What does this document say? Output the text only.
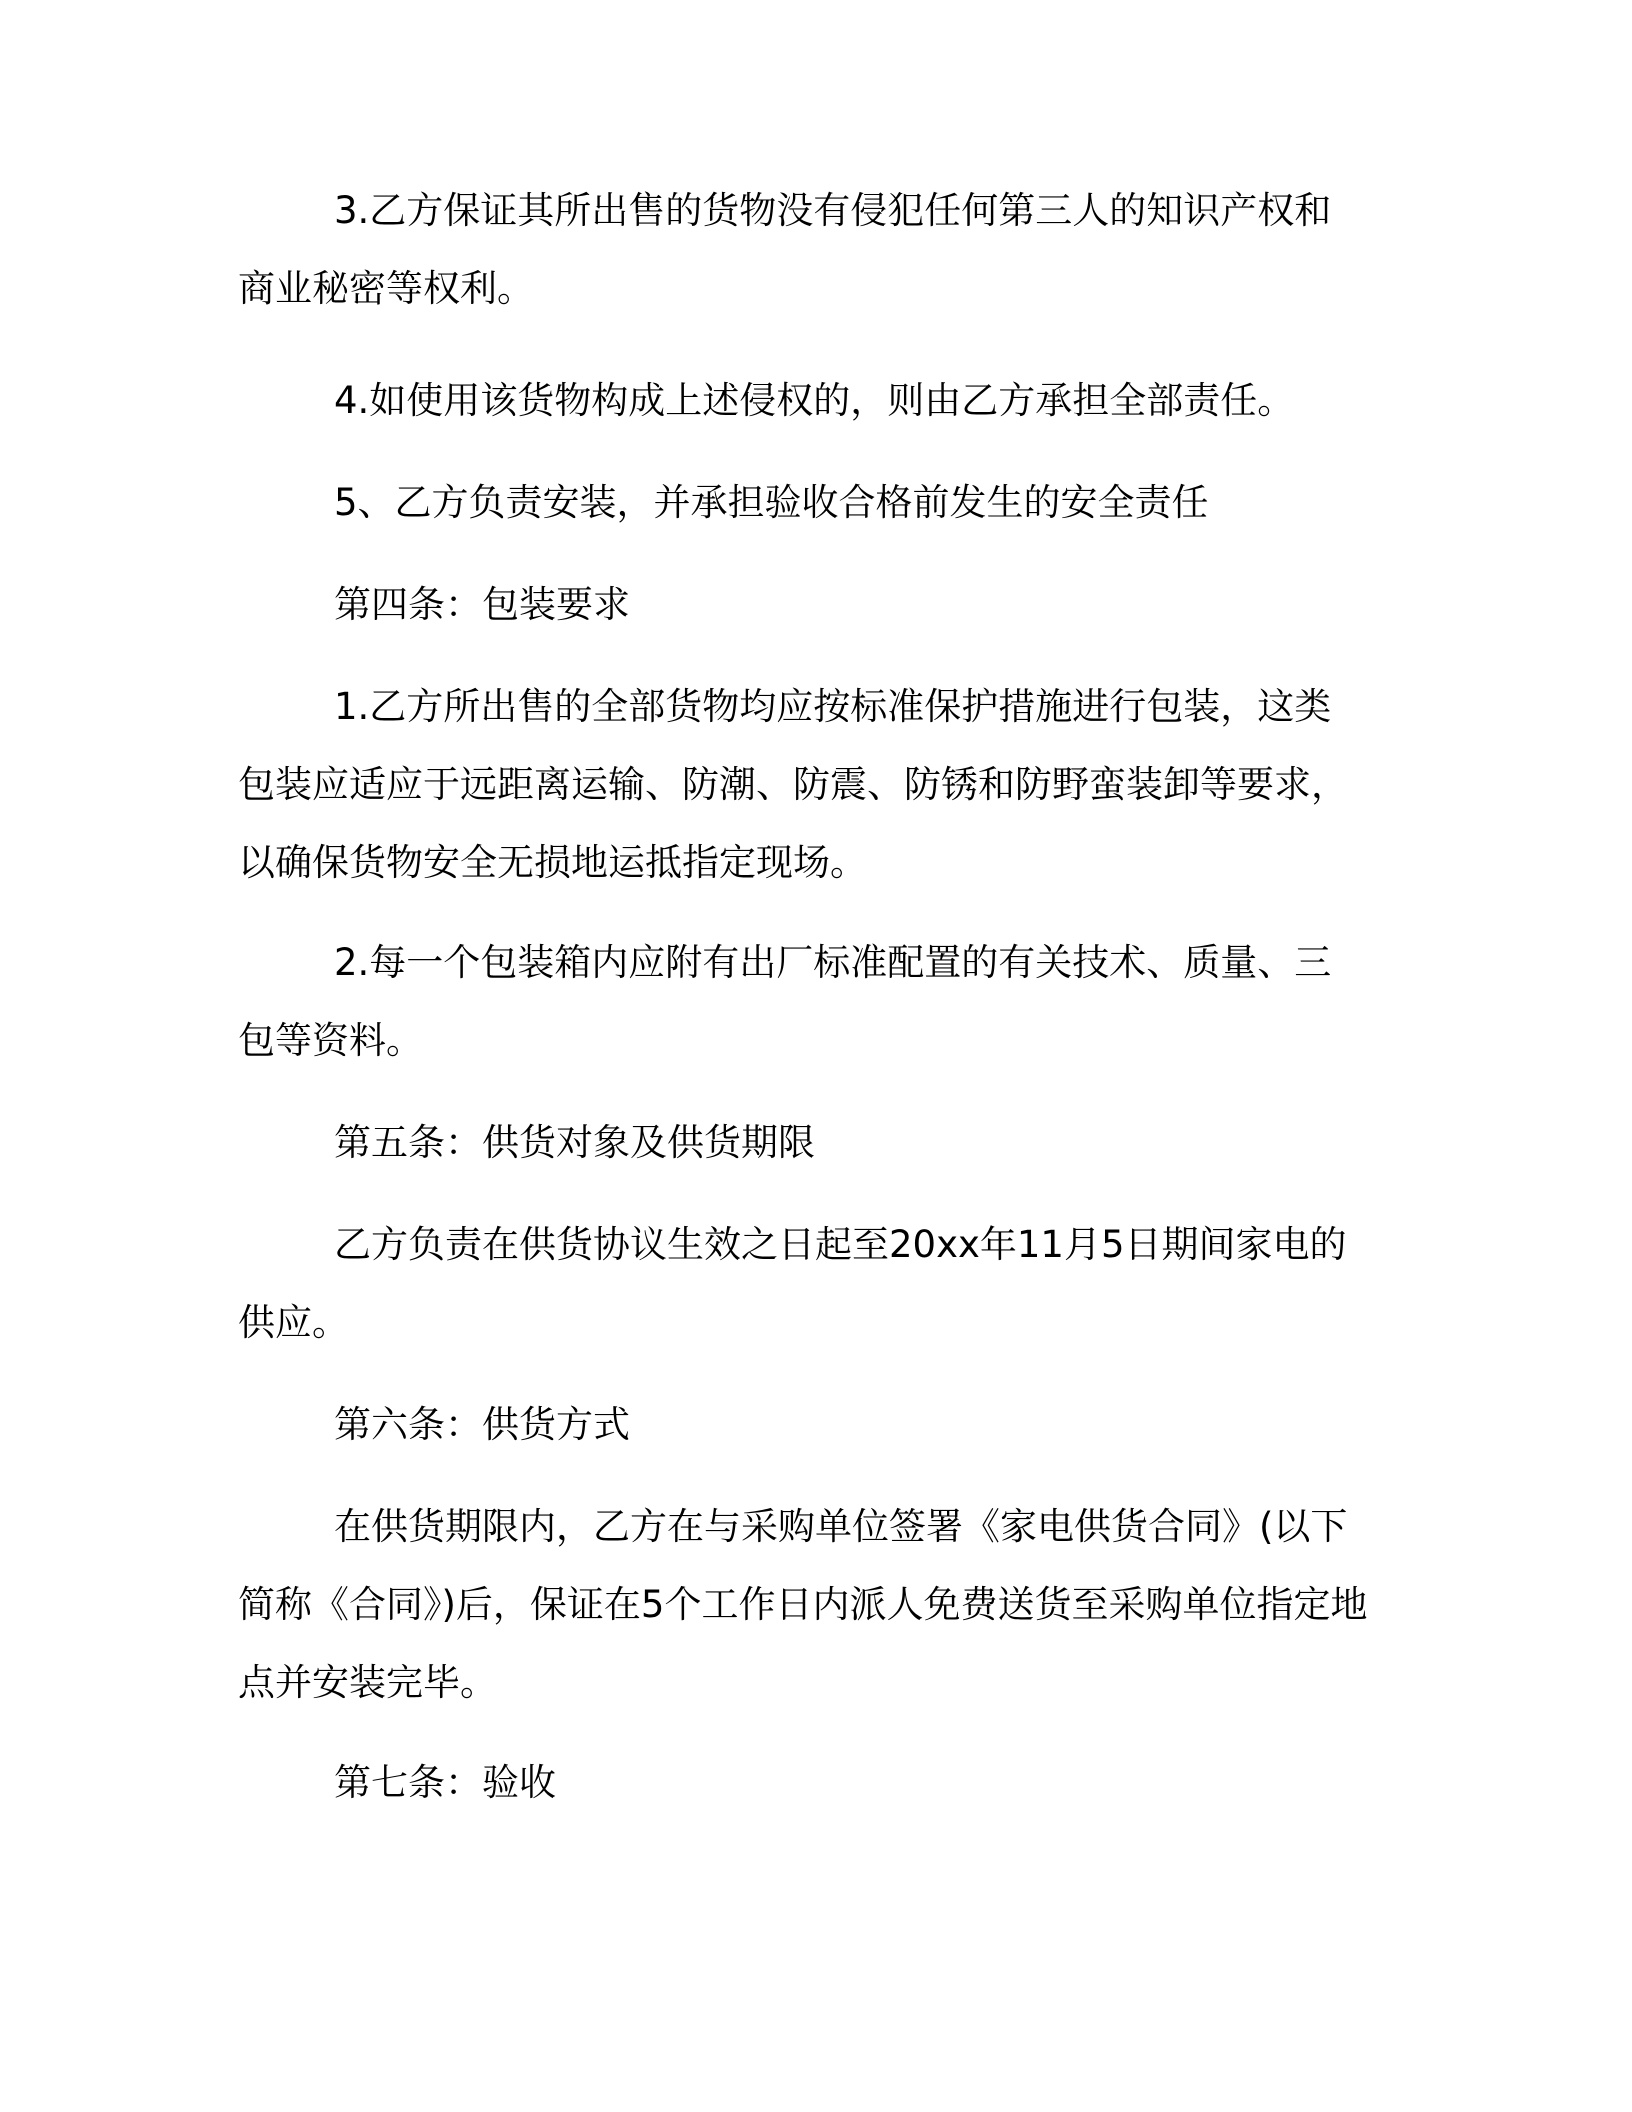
3.乙方保证其所出售的货物没有侵犯任何第三人的知识产权和商业秘密等权利。

4.如使用该货物构成上述侵权的，则由乙方承担全部责任。

5、乙方负责安装，并承担验收合格前发生的安全责任

第四条：包装要求

1.乙方所出售的全部货物均应按标准保护措施进行包装，这类包装应适应于远距离运输、防潮、防震、防锈和防野蛮装卸等要求，以确保货物安全无损地运抵指定现场。

2.每一个包装箱内应附有出厂标准配置的有关技术、质量、三包等资料。

第五条：供货对象及供货期限

乙方负责在供货协议生效之日起至20xx年11月5日期间家电的供应。

第六条：供货方式

在供货期限内，乙方在与采购单位签署《家电供货合同》(以下简称《合同》)后，保证在5个工作日内派人免费送货至采购单位指定地点并安装完毕。

第七条：验收
